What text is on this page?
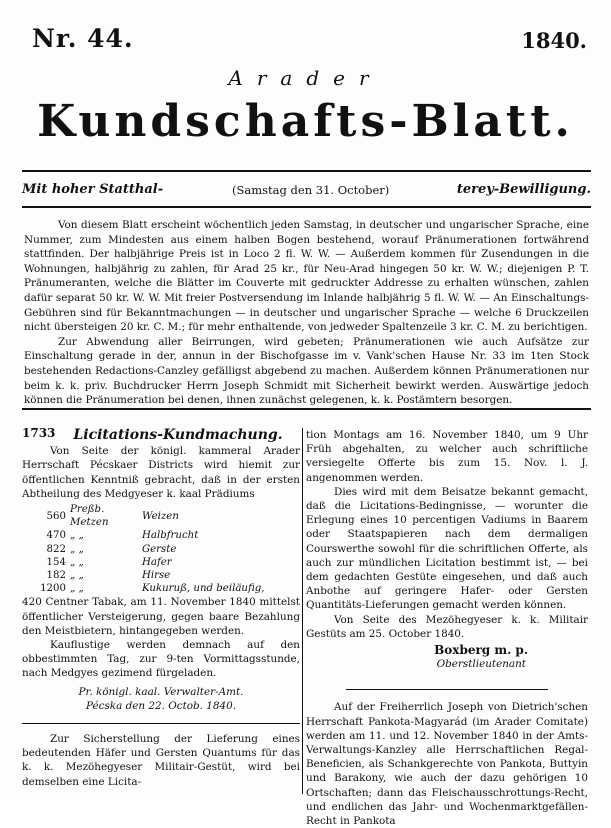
Nr. 44.	1840.
Arader
Kundschafts-Blatt.
Mit hoher Statthal-	(Samstag den 31. October)	terey-Bewilligung.

Von diesem Blatt erscheint wöchentlich jeden Samstag, in deutscher und ungarischer Sprache, eine Nummer, zum Mindesten aus einem halben Bogen bestehend, worauf Pränumerationen fortwährend stattfinden. Der halbjährige Preis ist in Loco 2 fl. W. W. — Außerdem kommen für Zusendungen in die Wohnungen, halbjährig zu zahlen, für Arad 25 kr., für Neu-Arad hingegen 50 kr. W. W.; diejenigen P. T. Pränumeranten, welche die Blätter im Couverte mit gedruckter Addresse zu erhalten wünschen, zahlen dafür separat 50 kr. W. W. Mit freier Postversendung im Inlande halbjährig 5 fl. W. W. — An Einschaltungs-Gebühren sind für Bekanntmachungen — in deutscher und ungarischer Sprache — welche 6 Druckzeilen nicht übersteigen 20 kr. C. M.; für mehr enthaltende, von jedweder Spaltenzeile 3 kr. C. M. zu berichtigen.

Zur Abwendung aller Beirrungen, wird gebeten; Pränumerationen wie auch Aufsätze zur Einschaltung gerade in der, annun in der Bischofgasse im v. Vank'schen Hause Nr. 33 im 1ten Stock bestehenden Redactions-Canzley gefälligst abgebend zu machen. Außerdem können Pränumerationen nur beim k. k. priv. Buchdrucker Herrn Joseph Schmidt mit Sicherheit bewirkt werden. Auswärtige jedoch können die Pränumeration bei denen, ihnen zunächst gelegenen, k. k. Postämtern besorgen.

1733	Licitations-Kundmachung.

Von Seite der königl. kammeral Arader Herrschaft Pécskaer Districts wird hiemit zur öffentlichen Kenntniß gebracht, daß in der ersten Abtheilung des Medgyeser k. kaal Prädiums

560	Preßb. Metzen	Weizen
470	„ „	Halbfrucht
822	„ „	Gerste
154	„ „	Hafer
182	„ „	Hirse
1200	„ „	Kukuruß, und beiläufig,

420 Centner Tabak, am 11. November 1840 mittelst öffentlicher Versteigerung, gegen baare Bezahlung den Meistbietern, hintangegeben werden.

Kauflustige werden demnach auf den obbestimmten Tag, zur 9-ten Vormittagsstunde, nach Medgyes gezimend fürgeladen.

Pr. königl. kaal. Verwalter-Amt.
Pécska den 22. Octob. 1840.

Zur Sicherstellung der Lieferung eines bedeutenden Häfer und Gersten Quantums für das k. k. Mezöhegyeser Militair-Gestüt, wird bei demselben eine Licita-

tion Montags am 16. November 1840, um 9 Uhr Früh abgehalten, zu welcher auch schriftliche versiegelte Offerte bis zum 15. Nov. l. J. angenommen werden.

Dies wird mit dem Beisatze bekannt gemacht, daß die Licitations-Bedingnisse, — worunter die Erlegung eines 10 percentigen Vadiums in Baarem oder Staatspapieren nach dem dermaligen Courswerthe sowohl für die schriftlichen Offerte, als auch zur mündlichen Licitation bestimmt ist, — bei dem gedachten Gestüte eingesehen, und daß auch Anbothe auf geringere Hafer- oder Gersten Quantitäts-Lieferungen gemacht werden können.

Von Seite des Mezöhegyeser k. k. Militair Gestüts am 25. October 1840.

Boxberg m. p.
Oberstlieutenant

Auf der Freiherrlich Joseph von Dietrich'schen Herrschaft Pankota-Magyarád (im Arader Comitate) werden am 11. und 12. November 1840 in der Amts-Verwaltungs-Kanzley alle Herrschaftlichen Regal-Beneficien, als Schankgerechte von Pankota, Buttyin und Barakony, wie auch der dazu gehörigen 10 Ortschaften; dann das Fleischausschrottungs-Recht, und endlichen das Jahr- und Wochenmarktgefällen-Recht in Pankota
